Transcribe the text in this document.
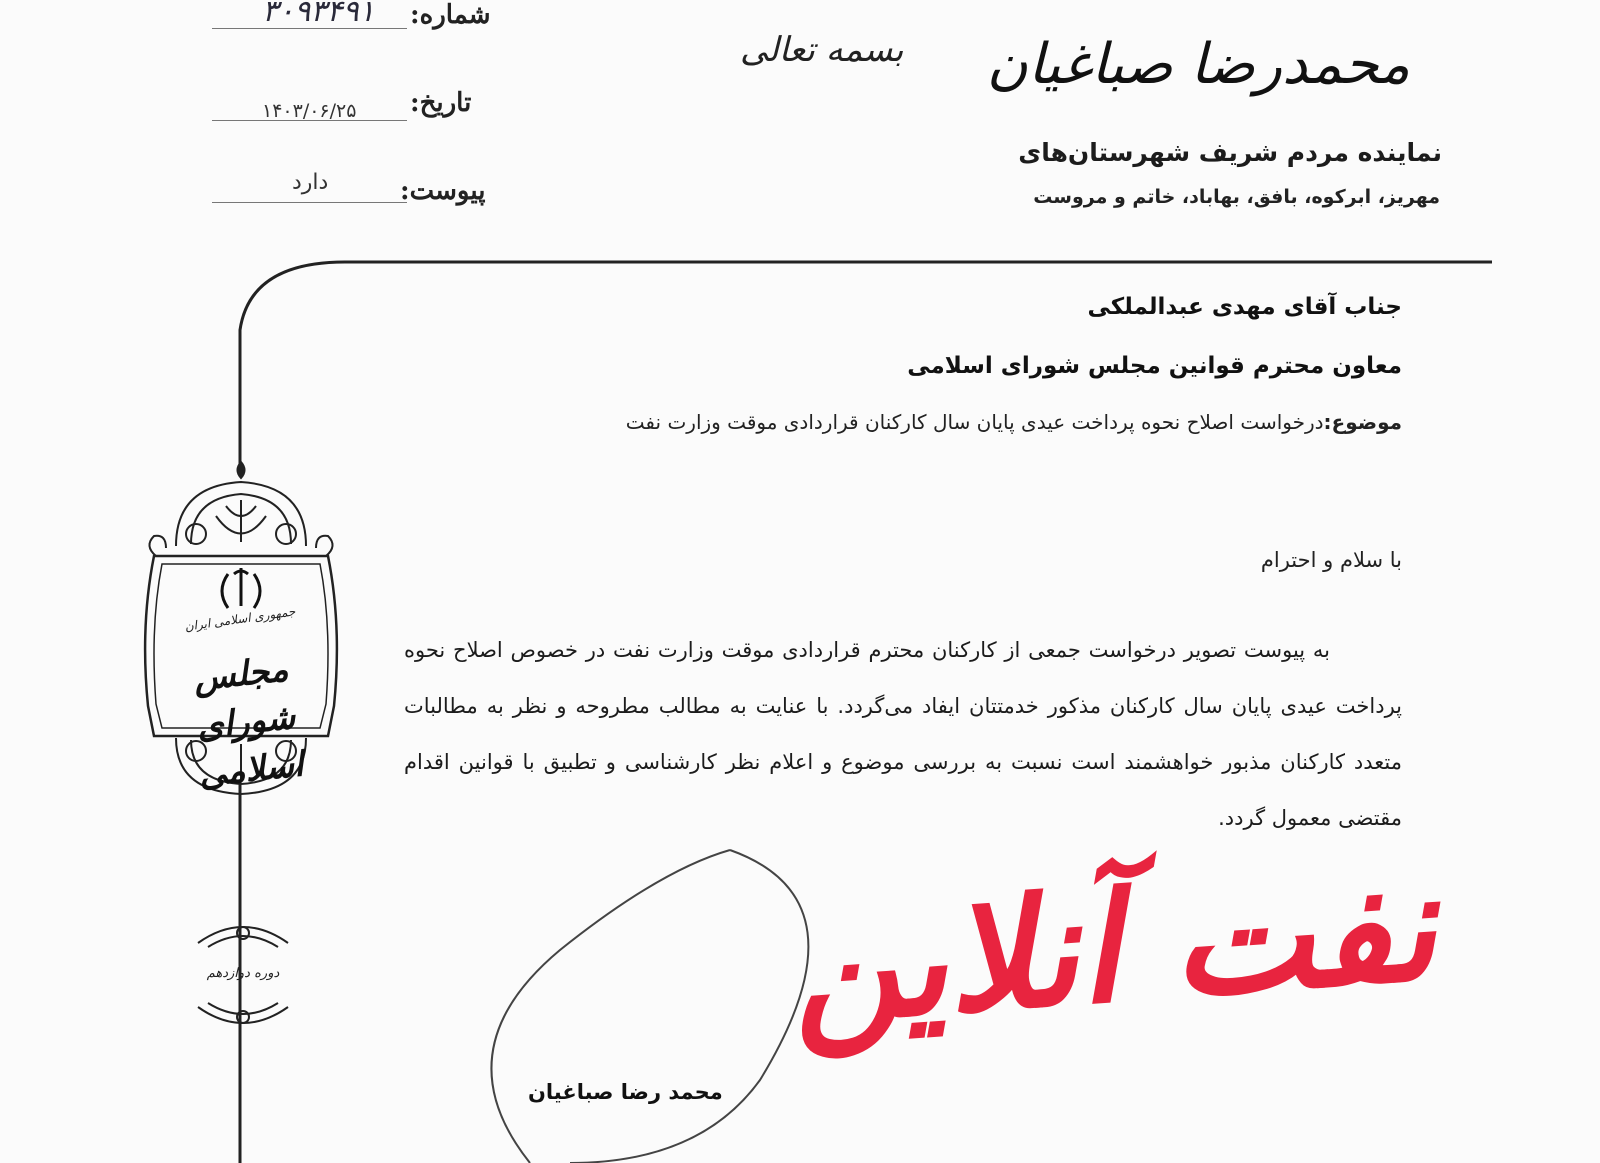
شماره:
۳۰۹۳۴۹۱
تاریخ:
۱۴۰۳/۰۶/۲۵
پیوست:
دارد
بسمه تعالی محمدرضا صباغیان
نماینده مردم شریف شهرستان‌های
مهریز، ابرکوه، بافق، بهاباد، خاتم و مروست
جمهوری اسلامی ایران
مجلس شورای اسلامی
دوره دوازدهم
جناب آقای مهدی عبدالملکی
معاون محترم قوانین مجلس شورای اسلامی
موضوع:درخواست اصلاح نحوه پرداخت عیدی پایان سال کارکنان قراردادی موقت وزارت نفت
با سلام و احترام
به پیوست تصویر درخواست جمعی از کارکنان محترم قراردادی موقت وزارت نفت در خصوص اصلاح نحوه پرداخت عیدی پایان سال کارکنان مذکور خدمتتان ایفاد می‌گردد. با عنایت به مطالب مطروحه و نظر به مطالبات متعدد کارکنان مذبور خواهشمند است نسبت به بررسی موضوع و اعلام نظر کارشناسی و تطبیق با قوانین اقدام مقتضی معمول گردد.
محمد رضا صباغیان
نفت آنلاین
